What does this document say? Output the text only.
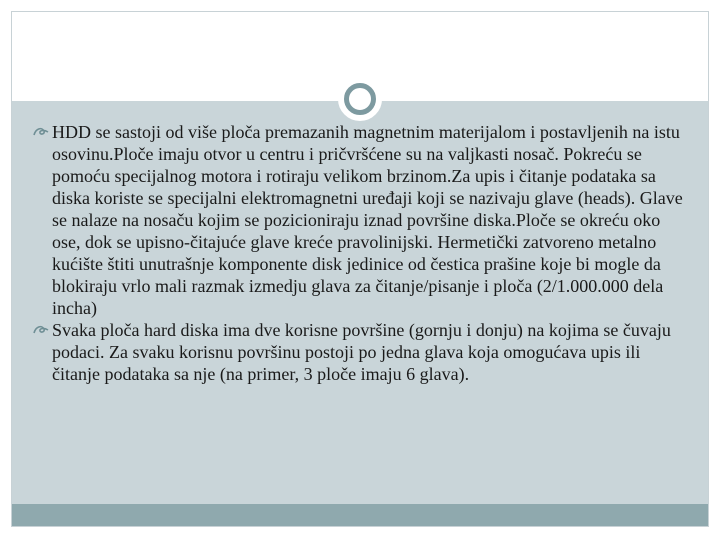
HDD se sastoji od više ploča premazanih magnetnim materijalom i postavljenih na istu osovinu.Ploče imaju otvor u centru i pričvršćene su na valjkasti nosač. Pokreću se pomoću specijalnog motora i rotiraju velikom brzinom.Za upis i čitanje podataka sa diska koriste se specijalni elektromagnetni uređaji koji se nazivaju glave (heads). Glave se nalaze na nosaču kojim se pozicioniraju iznad površine diska.Ploče se okreću oko ose, dok se upisno-čitajuće glave kreće pravolinijski. Hermetički zatvoreno metalno kućište štiti unutrašnje komponente disk jedinice od čestica prašine koje bi mogle da blokiraju vrlo mali razmak izmedju glava za čitanje/pisanje i ploča (2/1.000.000 dela incha)

Svaka ploča hard diska ima dve korisne površine (gornju i donju) na kojima se čuvaju podaci. Za svaku korisnu površinu postoji po jedna glava koja omogućava upis ili čitanje podataka sa nje (na primer, 3 ploče imaju 6 glava).
